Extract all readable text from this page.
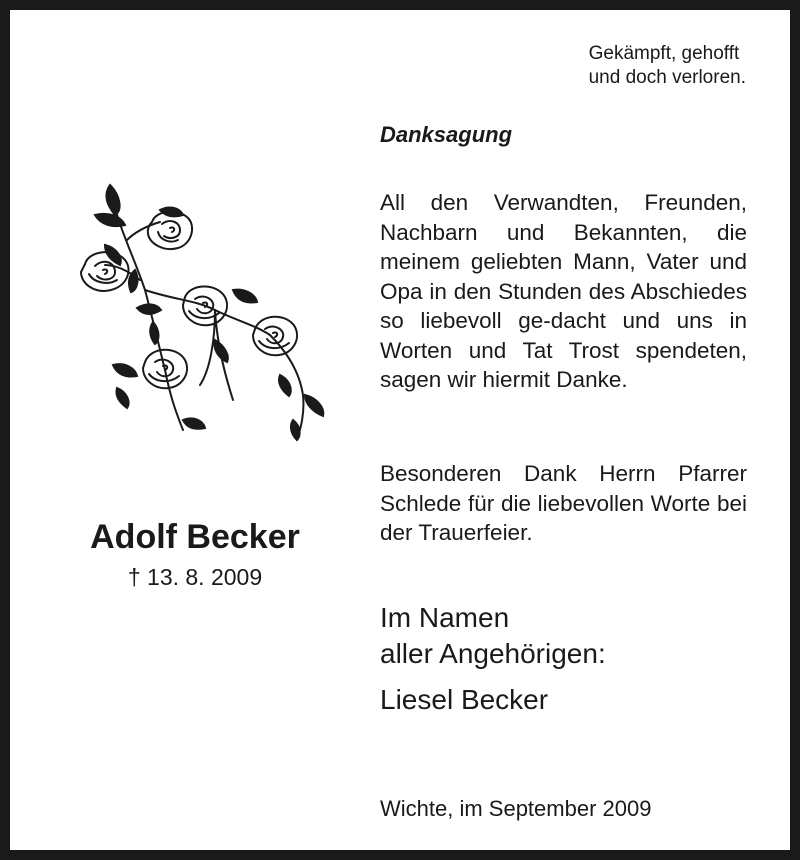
Gekämpft, gehofft
und doch verloren.
Danksagung
All den Verwandten, Freunden, Nachbarn und Bekannten, die meinem geliebten Mann, Vater und Opa in den Stunden des Abschiedes so liebevoll ge-dacht und uns in Worten und Tat Trost spendeten, sagen wir hiermit Danke.
Besonderen Dank Herrn Pfarrer Schlede für die liebevollen Worte bei der Trauerfeier.
Im Namen
aller Angehörigen:
Liesel Becker
Wichte, im September 2009
Adolf Becker
† 13. 8. 2009
